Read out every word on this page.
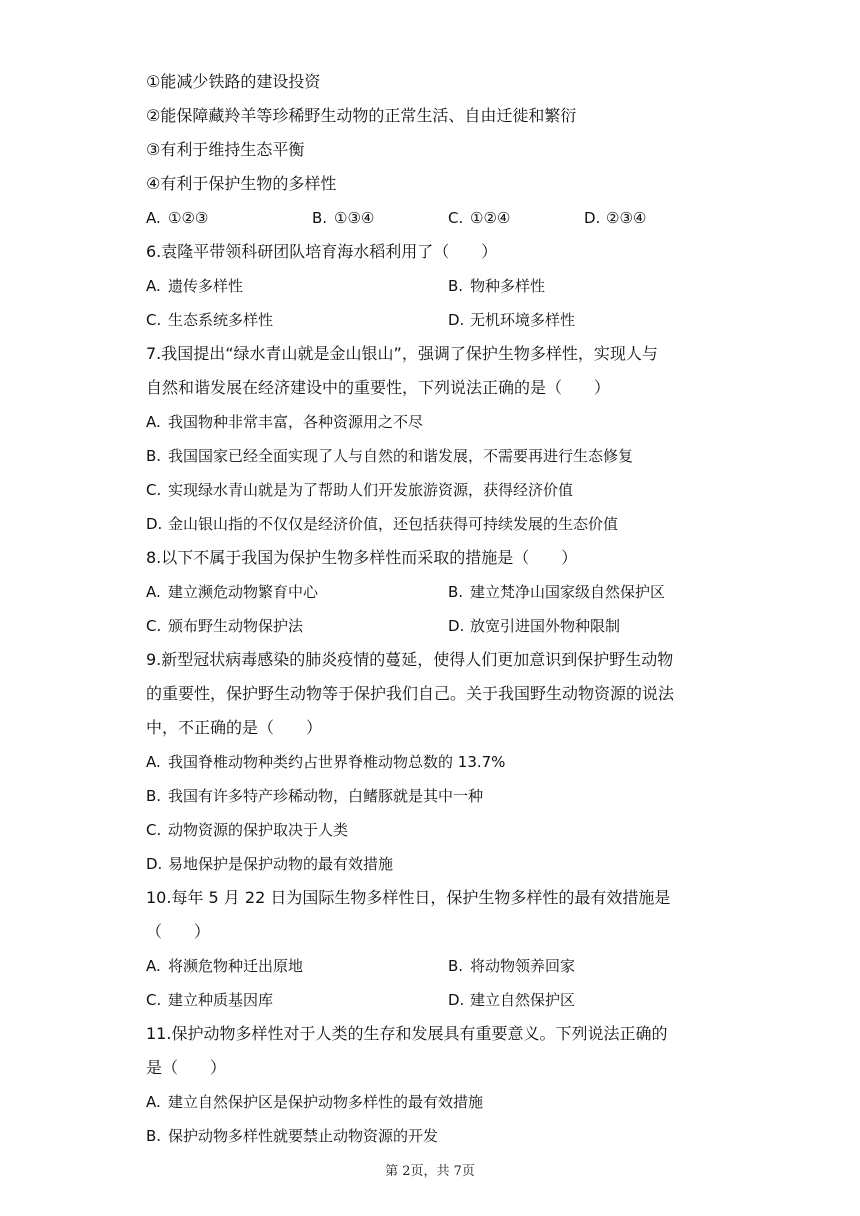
①能减少铁路的建设投资
②能保障藏羚羊等珍稀野生动物的正常生活、自由迁徙和繁衍
③有利于维持生态平衡
④有利于保护生物的多样性
A. ①②③	B. ①③④	C. ①②④	D. ②③④
6.袁隆平带领科研团队培育海水稻利用了（　　）
A. 遗传多样性	B. 物种多样性
C. 生态系统多样性	D. 无机环境多样性
7.我国提出“绿水青山就是金山银山”，强调了保护生物多样性，实现人与
自然和谐发展在经济建设中的重要性，下列说法正确的是（　　）
A. 我国物种非常丰富，各种资源用之不尽
B. 我国国家已经全面实现了人与自然的和谐发展，不需要再进行生态修复
C. 实现绿水青山就是为了帮助人们开发旅游资源，获得经济价值
D. 金山银山指的不仅仅是经济价值，还包括获得可持续发展的生态价值
8.以下不属于我国为保护生物多样性而采取的措施是（　　）
A. 建立濒危动物繁育中心	B. 建立梵净山国家级自然保护区
C. 颁布野生动物保护法	D. 放宽引进国外物种限制
9.新型冠状病毒感染的肺炎疫情的蔓延，使得人们更加意识到保护野生动物
的重要性，保护野生动物等于保护我们自己。关于我国野生动物资源的说法
中，不正确的是（　　）
A. 我国脊椎动物种类约占世界脊椎动物总数的 13.7%
B. 我国有许多特产珍稀动物，白鳍豚就是其中一种
C. 动物资源的保护取决于人类
D. 易地保护是保护动物的最有效措施
10.每年 5 月 22 日为国际生物多样性日，保护生物多样性的最有效措施是
（　　）
A. 将濒危物种迁出原地	B. 将动物领养回家
C. 建立种质基因库	D. 建立自然保护区
11.保护动物多样性对于人类的生存和发展具有重要意义。下列说法正确的
是（　　）
A. 建立自然保护区是保护动物多样性的最有效措施
B. 保护动物多样性就要禁止动物资源的开发
第 2页，共 7页
